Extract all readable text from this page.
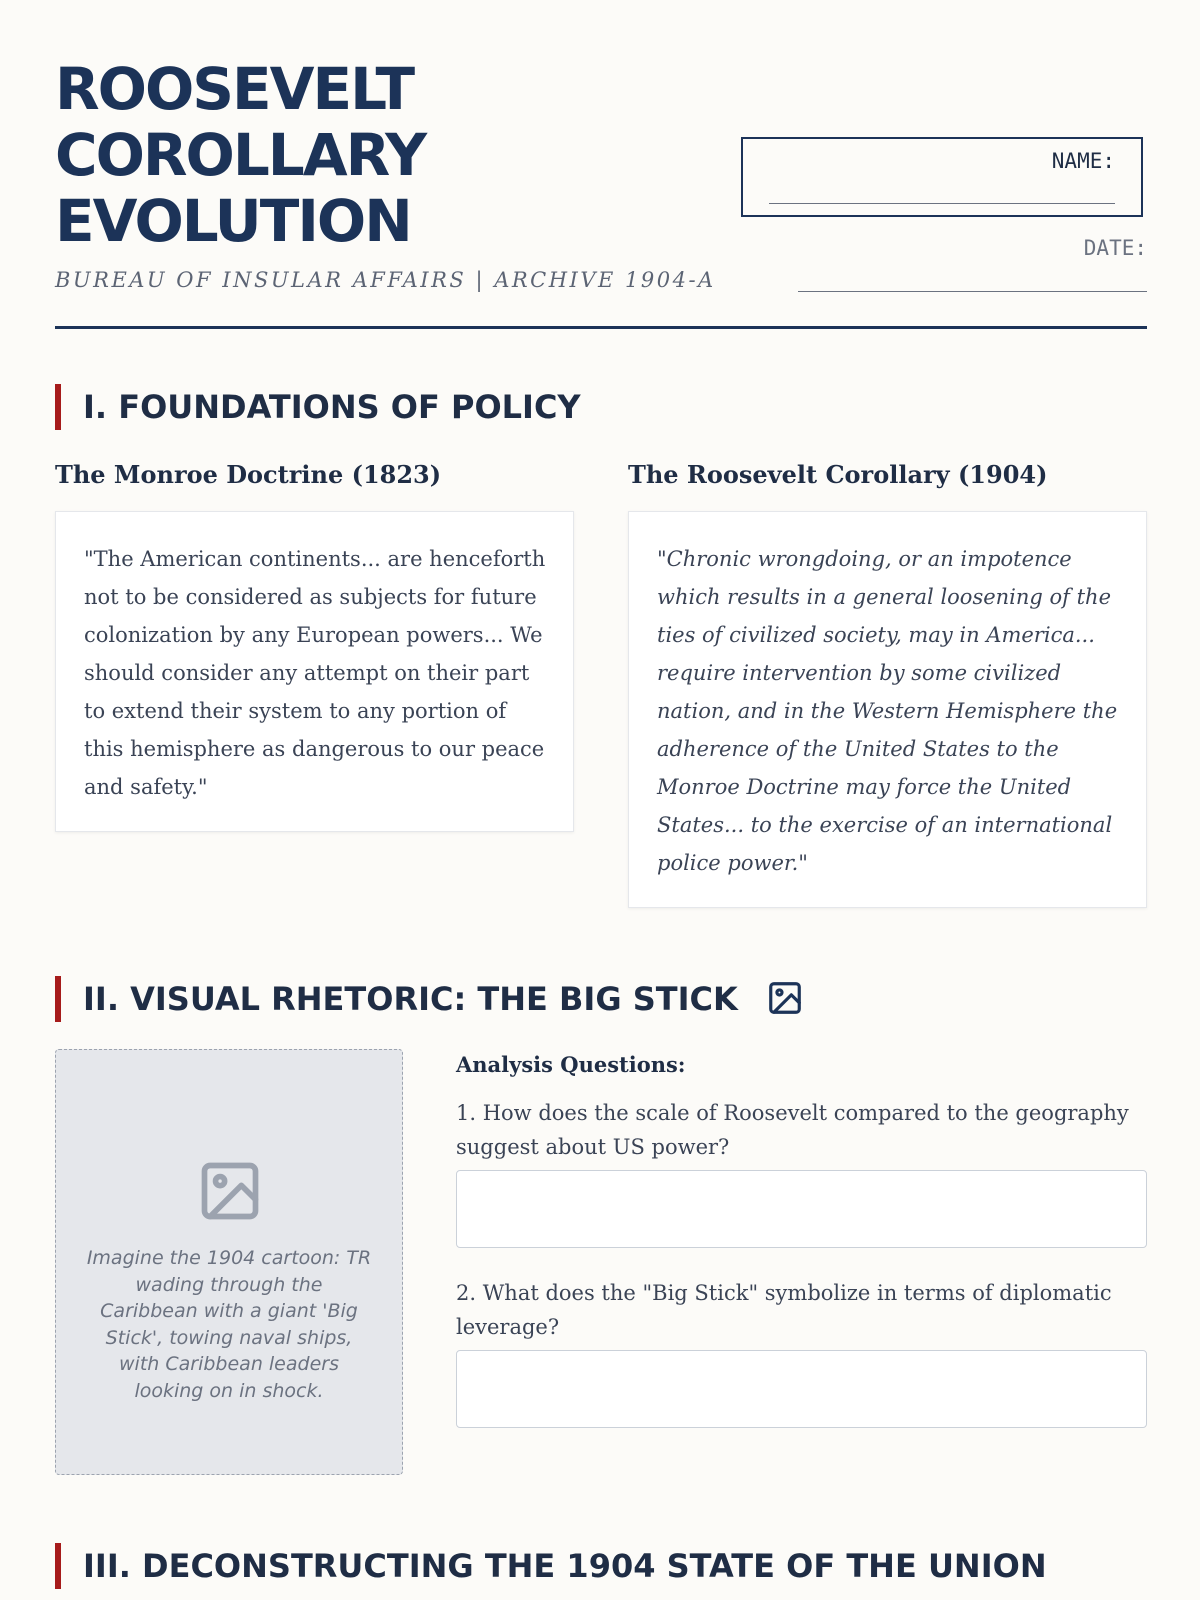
ROOSEVELT
COROLLARY
EVOLUTION
BUREAU OF INSULAR AFFAIRS | ARCHIVE 1904-A
NAME:
DATE:
I. FOUNDATIONS OF POLICY
The Monroe Doctrine (1823)
"The American continents... are henceforth not to be considered as subjects for future colonization by any European powers... We should consider any attempt on their part to extend their system to any portion of this hemisphere as dangerous to our peace and safety."
The Roosevelt Corollary (1904)
"Chronic wrongdoing, or an impotence which results in a general loosening of the ties of civilized society, may in America... require intervention by some civilized nation, and in the Western Hemisphere the adherence of the United States to the Monroe Doctrine may force the United States... to the exercise of an international police power."
II. VISUAL RHETORIC: THE BIG STICK
Imagine the 1904 cartoon: TR wading through the Caribbean with a giant 'Big Stick', towing naval ships, with Caribbean leaders looking on in shock.
Analysis Questions:

1. How does the scale of Roosevelt compared to the geography suggest about US power?

2. What does the "Big Stick" symbolize in terms of diplomatic leverage?

III. DECONSTRUCTING THE 1904 STATE OF THE UNION
